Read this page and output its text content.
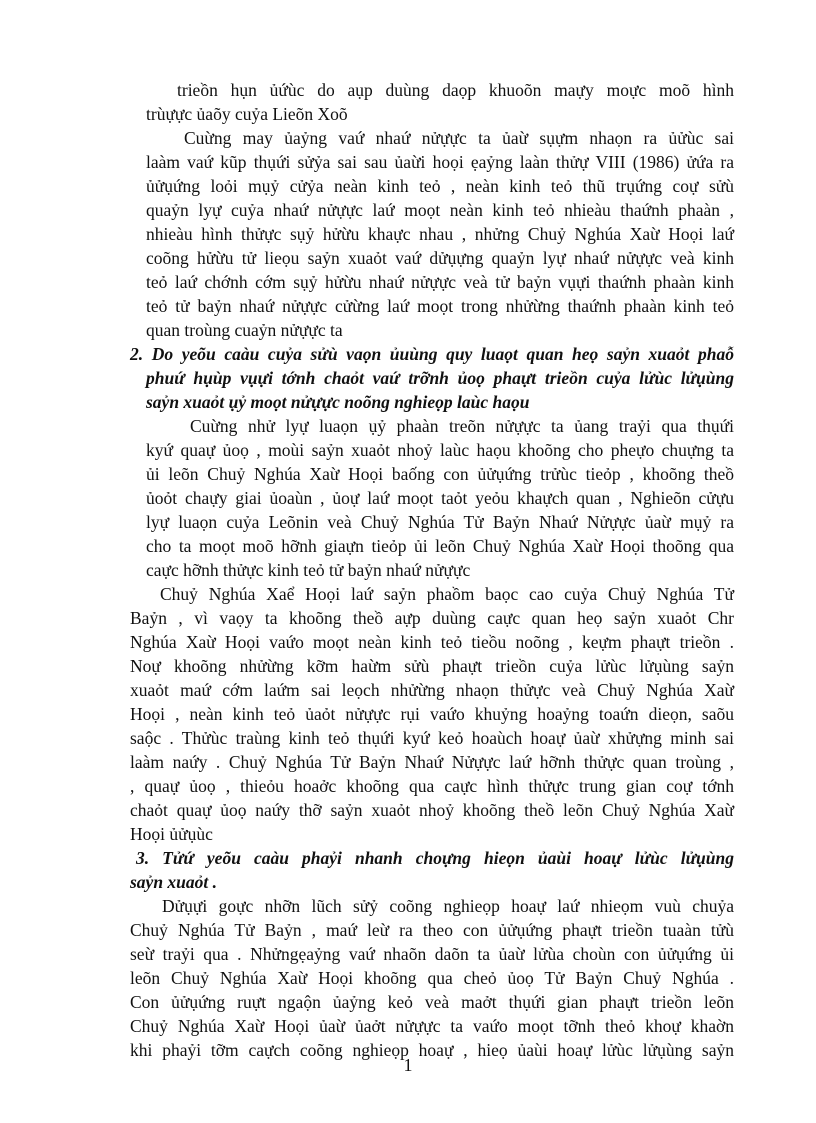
trieồn hụn ủứùc do aụp duùng daọp khuoõn maựy moực moõ hình
trùựực ủaõy cuỷa Lieõn Xoõ
Cuừng may ủaỷng vaứ nhaứ nửựực ta ủaừ sụựm nhaọn ra ủửùc sai
laàm vaứ kũp thụứi sửỷa sai sau ủaừi hoọi ẹaỷng laàn thửự VIII (1986) ửứa ra
ủửụứng loỏi mụỷ cửỷa neàn kinh teỏ , neàn kinh teỏ thũ trụứng coự sửù
quaỷn lyự cuỷa nhaứ nửựực laứ moọt neàn kinh teỏ nhieàu thaứnh phaàn ,
nhieàu hình thửực sụỷ hửừu khaực nhau , nhửng Chuỷ Nghúa Xaừ Hoọi laứ
coõng hửừu tử lieọu saỷn xuaỏt vaứ dửụựng quaỷn lyự nhaứ nửựực veà kinh
teỏ laứ chớnh cớm sụỷ hửừu nhaứ nửựực veà tử baỷn vụựi thaứnh phaàn kinh
teỏ tử baỷn nhaứ nửựực cửừng laứ moọt trong nhửừng thaứnh phaàn kinh teỏ
quan troùng cuaỷn nửựực ta
2. Do yeõu caàu cuỷa sửù vaọn ủuùng quy luaọt quan heọ saỷn xuaỏt phaỗ
phuứ hụùp vụựi tớnh chaỏt vaứ trỡnh ủoọ phaựt trieồn cuỷa lửùc lửụùng
saỷn xuaỏt ụỷ moọt nửựực noõng nghieọp laùc haọu
Cuừng nhử lyự luaọn ụỷ phaàn treõn nửựực ta ủang traỷi qua thụứi
kyứ quaự ủoọ , moùi saỷn xuaỏt nhoỷ laùc haọu khoõng cho pheựo chuựng ta
ủi leõn Chuỷ Nghúa Xaừ Hoọi baống con ủửụứng trửùc tieỏp , khoõng theồ
ủoỏt chaựy giai ủoaùn , ủoự laứ moọt taỏt yeỏu khaựch quan , Nghieõn cửựu
lyự luaọn cuỷa Leõnin veà Chuỷ Nghúa Tử Baỷn Nhaứ Nửựực ủaừ mụỷ ra
cho ta moọt moõ hỡnh giaựn tieỏp ủi leõn Chuỷ Nghúa Xaừ Hoọi thoõng qua
caực hỡnh thửực kinh teỏ tử baỷn nhaứ nửựực
Chuỷ Nghúa Xaể Hoọi laứ saỷn phaồm baọc cao cuỷa Chuỷ Nghúa Tử
Baỷn , vì vaọy ta khoõng theồ aựp duùng caực quan heọ saỷn xuaỏt Chr
Nghúa Xaừ Hoọi vaứo moọt neàn kinh teỏ tieồu noõng , keựm phaựt trieồn .
Noự khoõng nhửừng kỡm haừm sửù phaựt trieồn cuỷa lửùc lửụùng saỷn
xuaỏt maứ cớm laứm sai leọch nhửừng nhaọn thửực veà Chuỷ Nghúa Xaừ
Hoọi , neàn kinh teỏ ủaỏt nửựực rụi vaứo khuỷng hoaỷng toaứn dieọn, saõu
saộc . Thửùc traùng kinh teỏ thụứi kyứ keỏ hoaùch hoaự ủaừ xhửựng minh sai
laàm naứy . Chuỷ Nghúa Tử Baỷn Nhaứ Nửựực laứ hỡnh thửực quan troùng ,
, quaự ủoọ , thieỏu hoaởc khoõng qua caực hình thửực trung gian coự tớnh
chaỏt quaự ủoọ naứy thỡ saỷn xuaỏt nhoỷ khoõng theồ leõn Chuỷ Nghúa Xaừ
Hoọi ủửụùc
3. Tửứ yeõu caàu phaỷi nhanh choựng hieọn ủaùi hoaự lửùc lửụùng
saỷn xuaỏt .
Dửụựi goực nhỡn lũch sửỷ coõng nghieọp hoaự laứ nhieọm vuù chuỷa
Chuỷ Nghúa Tử Baỷn , maứ leừ ra theo con ủửụứng phaựt trieồn tuaàn tửù
seừ traỷi qua . Nhửngẹaỷng vaứ nhaõn daõn ta ủaừ lửùa choùn con ủửụứng ủi
leõn Chuỷ Nghúa Xaừ Hoọi khoõng qua cheỏ ủoọ Tử Baỷn Chuỷ Nghúa .
Con ủửụứng ruựt ngaộn ủaỷng keỏ veà maởt thụứi gian phaựt trieồn leõn
Chuỷ Nghúa Xaừ Hoọi ủaừ ủaởt nửựực ta vaứo moọt tỡnh theỏ khoự khaờn
khi phaỷi tỡm caựch coõng nghieọp hoaự , hieọ ủaùi hoaự lửùc lửụùng saỷn
1
